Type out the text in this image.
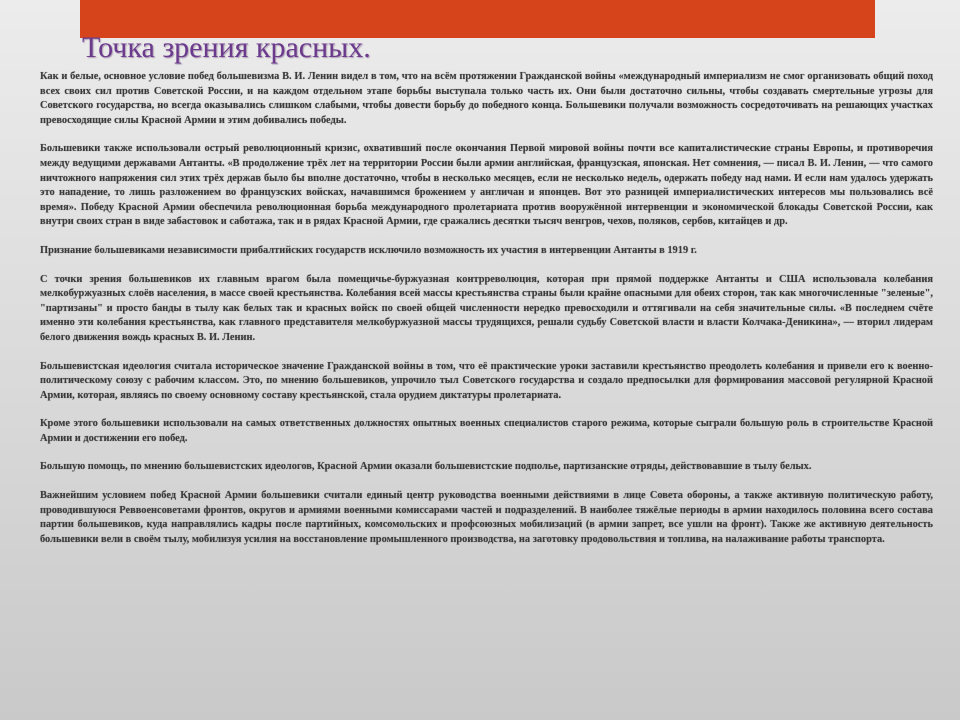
Точка зрения красных.

Как и белые, основное условие побед большевизма В. И. Ленин видел в том, что на всём протяжении Гражданской войны «международный империализм не смог организовать общий поход всех своих сил против Советской России, и на каждом отдельном этапе борьбы выступала только часть их. Они были достаточно сильны, чтобы создавать смертельные угрозы для Советского государства, но всегда оказывались слишком слабыми, чтобы довести борьбу до победного конца. Большевики получали возможность сосредоточивать на решающих участках превосходящие силы Красной Армии и этим добивались победы.

Большевики также использовали острый революционный кризис, охвативший после окончания Первой мировой войны почти все капиталистические страны Европы, и противоречия между ведущими державами Антанты. «В продолжение трёх лет на территории России были армии английская, французская, японская. Нет сомнения, — писал В. И. Ленин, — что самого ничтожного напряжения сил этих трёх держав было бы вполне достаточно, чтобы в несколько месяцев, если не несколько недель, одержать победу над нами. И если нам удалось удержать это нападение, то лишь разложением во французских войсках, начавшимся брожением у англичан и японцев. Вот это разницей империалистических интересов мы пользовались всё время». Победу Красной Армии обеспечила революционная борьба международного пролетариата против вооружённой интервенции и экономической блокады Советской России, как внутри своих стран в виде забастовок и саботажа, так и в рядах Красной Армии, где сражались десятки тысяч венгров, чехов, поляков, сербов, китайцев и др.

Признание большевиками независимости прибалтийских государств исключило возможность их участия в интервенции Антанты в 1919 г.

С точки зрения большевиков их главным врагом была помещичье-буржуазная контрреволюция, которая при прямой поддержке Антанты и США использовала колебания мелкобуржуазных слоёв населения, в массе своей крестьянства. Колебания всей массы крестьянства страны были крайне опасными для обеих сторон, так как многочисленные "зеленые", "партизаны" и просто банды в тылу как белых так и красных войск по своей общей численности нередко превосходили и оттягивали на себя значительные силы. «В последнем счёте именно эти колебания крестьянства, как главного представителя мелкобуржуазной массы трудящихся, решали судьбу Советской власти и власти Колчака-Деникина», — вторил лидерам белого движения вождь красных В. И. Ленин.

Большевистская идеология считала историческое значение Гражданской войны в том, что её практические уроки заставили крестьянство преодолеть колебания и привели его к военно-политическому союзу с рабочим классом. Это, по мнению большевиков, упрочило тыл Советского государства и создало предпосылки для формирования массовой регулярной Красной Армии, которая, являясь по своему основному составу крестьянской, стала орудием диктатуры пролетариата.

Кроме этого большевики использовали на самых ответственных должностях опытных военных специалистов старого режима, которые сыграли большую роль в строительстве Красной Армии и достижении его побед.

Большую помощь, по мнению большевистских идеологов, Красной Армии оказали большевистские подполье, партизанские отряды, действовавшие в тылу белых.

Важнейшим условием побед Красной Армии большевики считали единый центр руководства военными действиями в лице Совета обороны, а также активную политическую работу, проводившуюся Реввоенсоветами фронтов, округов и армиями военными комиссарами частей и подразделений. В наиболее тяжёлые периоды в армии находилось половина всего состава партии большевиков, куда направлялись кадры после партийных, комсомольских и профсоюзных мобилизаций (в армии запрет, все ушли на фронт). Также же активную деятельность большевики вели в своём тылу, мобилизуя усилия на восстановление промышленного производства, на заготовку продовольствия и топлива, на налаживание работы транспорта.
